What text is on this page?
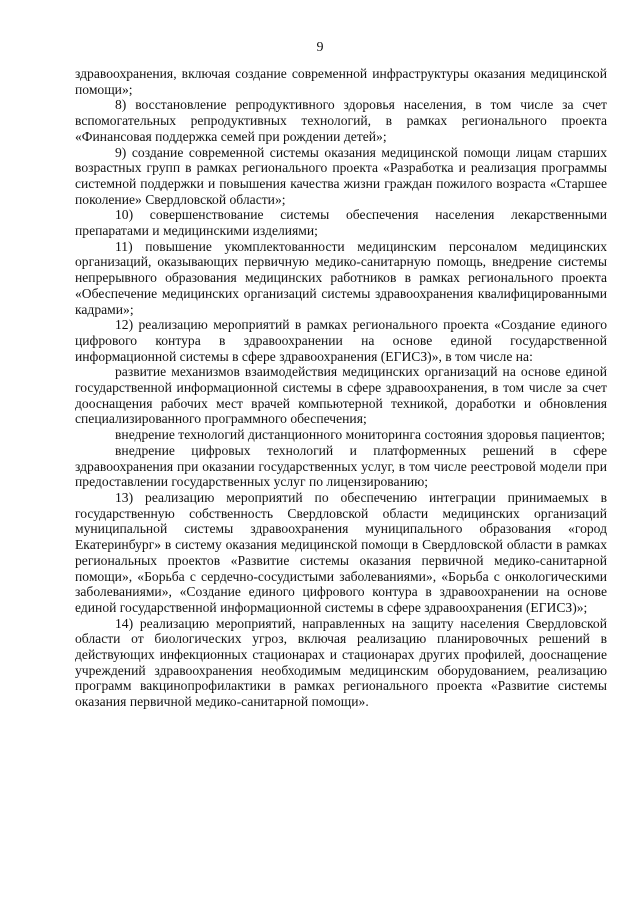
9

здравоохранения, включая создание современной инфраструктуры оказания медицинской помощи»;

8) восстановление репродуктивного здоровья населения, в том числе за счет вспомогательных репродуктивных технологий, в рамках регионального проекта «Финансовая поддержка семей при рождении детей»;

9) создание современной системы оказания медицинской помощи лицам старших возрастных групп в рамках регионального проекта «Разработка и реализация программы системной поддержки и повышения качества жизни граждан пожилого возраста «Старшее поколение» Свердловской области»;

10) совершенствование системы обеспечения населения лекарственными препаратами и медицинскими изделиями;

11) повышение укомплектованности медицинским персоналом медицинских организаций, оказывающих первичную медико-санитарную помощь, внедрение системы непрерывного образования медицинских работников в рамках регионального проекта «Обеспечение медицинских организаций системы здравоохранения квалифицированными кадрами»;

12) реализацию мероприятий в рамках регионального проекта «Создание единого цифрового контура в здравоохранении на основе единой государственной информационной системы в сфере здравоохранения (ЕГИСЗ)», в том числе на:

развитие механизмов взаимодействия медицинских организаций на основе единой государственной информационной системы в сфере здравоохранения, в том числе за счет дооснащения рабочих мест врачей компьютерной техникой, доработки и обновления специализированного программного обеспечения;

внедрение технологий дистанционного мониторинга состояния здоровья пациентов;

внедрение цифровых технологий и платформенных решений в сфере здравоохранения при оказании государственных услуг, в том числе реестровой модели при предоставлении государственных услуг по лицензированию;

13) реализацию мероприятий по обеспечению интеграции принимаемых в государственную собственность Свердловской области медицинских организаций муниципальной системы здравоохранения муниципального образования «город Екатеринбург» в систему оказания медицинской помощи в Свердловской области в рамках региональных проектов «Развитие системы оказания первичной медико-санитарной помощи», «Борьба с сердечно-сосудистыми заболеваниями», «Борьба с онкологическими заболеваниями», «Создание единого цифрового контура в здравоохранении на основе единой государственной информационной системы в сфере здравоохранения (ЕГИСЗ)»;

14) реализацию мероприятий, направленных на защиту населения Свердловской области от биологических угроз, включая реализацию планировочных решений в действующих инфекционных стационарах и стационарах других профилей, дооснащение учреждений здравоохранения необходимым медицинским оборудованием, реализацию программ вакцинопрофилактики в рамках регионального проекта «Развитие системы оказания первичной медико-санитарной помощи».
